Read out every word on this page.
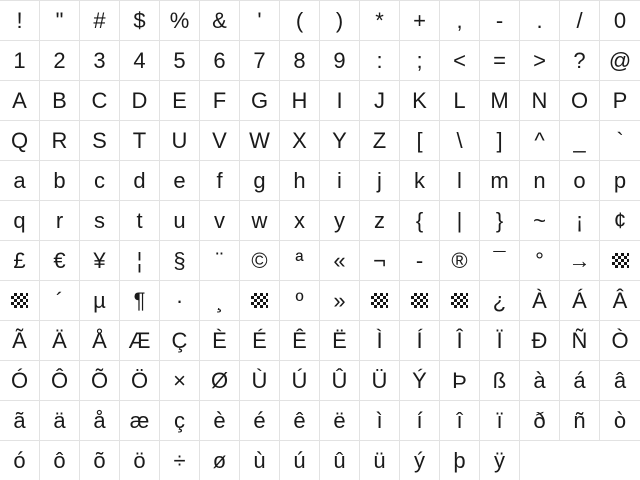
! " # $ % & ' ( ) * + , - . / 0
1 2 3 4 5 6 7 8 9 : ; < = > ? @
A B C D E F G H I J K L M N O P
Q R S T U V W X Y Z [ \ ] ^ _ `
a b c d e f g h i j k l m n o p
q r s t u v w x y z { | } ~ ¡ ¢
£ € ¥ ¦ § ¨ © ª « ¬ - ® ¯ ° →
´ µ ¶ · ¸	º »	¿ À Á Â
Ã Ä Å Æ Ç È É Ê Ë Ì Í Î Ï Ð Ñ Ò
Ó Ô Õ Ö × Ø Ù Ú Û Ü Ý Þ ß à á â
ã ä å æ ç è é ê ë ì í î ï ð ñ ò
ó ô õ ö ÷ ø ù ú û ü ý þ ÿ
